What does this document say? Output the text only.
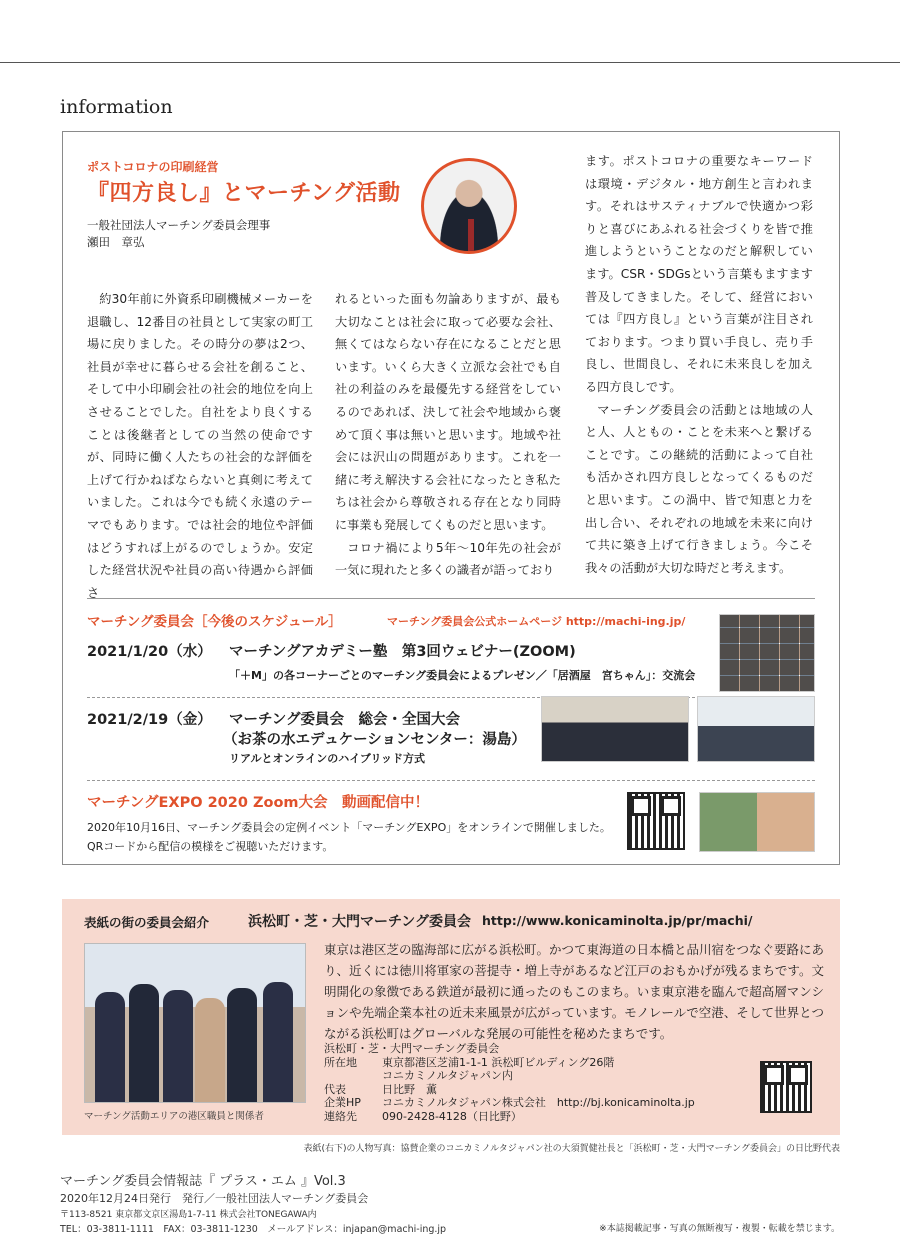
information
ポストコロナの印刷経営
『四方良し』とマーチング活動
一般社団法人マーチング委員会理事
瀬田　章弘

約30年前に外資系印刷機械メーカーを退職し、12番目の社員として実家の町工場に戻りました。その時分の夢は2つ、社員が幸せに暮らせる会社を創ること、そして中小印刷会社の社会的地位を向上させることでした。自社をより良くすることは後継者としての当然の使命ですが、同時に働く人たちの社会的な評価を上げて行かねばならないと真剣に考えていました。これは今でも続く永遠のテーマでもあります。では社会的地位や評価はどうすれば上がるのでしょうか。安定した経営状況や社員の高い待遇から評価さ

れるといった面も勿論ありますが、最も大切なことは社会に取って必要な会社、無くてはならない存在になることだと思います。いくら大きく立派な会社でも自社の利益のみを最優先する経営をしているのであれば、決して社会や地域から褒めて頂く事は無いと思います。地域や社会には沢山の問題があります。これを一緒に考え解決する会社になったとき私たちは社会から尊敬される存在となり同時に事業も発展してくものだと思います。

コロナ禍により5年～10年先の社会が一気に現れたと多くの識者が語っており

ます。ポストコロナの重要なキーワードは環境・デジタル・地方創生と言われます。それはサスティナブルで快適かつ彩りと喜びにあふれる社会づくりを皆で推進しようということなのだと解釈しています。CSR・SDGsという言葉もますます普及してきました。そして、経営においては『四方良し』という言葉が注目されております。つまり買い手良し、売り手良し、世間良し、それに未来良しを加える四方良しです。

マーチング委員会の活動とは地域の人と人、人ともの・ことを未来へと繋げることです。この継続的活動によって自社も活かされ四方良しとなってくるものだと思います。この渦中、皆で知恵と力を出し合い、それぞれの地域を未来に向けて共に築き上げて行きましょう。今こそ我々の活動が大切な時だと考えます。

マーチング委員会［今後のスケジュール］	マーチング委員会公式ホームページ http://machi-ing.jp/
2021/1/20（水） マーチングアカデミー塾　第3回ウェビナー(ZOOM)
「＋M」の各コーナーごとのマーチング委員会によるプレゼン／「居酒屋　宮ちゃん」：交流会
2021/2/19（金） マーチング委員会　総会・全国大会
（お茶の水エデュケーションセンター：湯島）
リアルとオンラインのハイブリッド方式
マーチングEXPO 2020 Zoom大会　動画配信中！
2020年10月16日、マーチング委員会の定例イベント「マーチングEXPO」をオンラインで開催しました。
QRコードから配信の模様をご視聴いただけます。
表紙の街の委員会紹介	浜松町・芝・大門マーチング委員会 http://www.konicaminolta.jp/pr/machi/
マーチング活動エリアの港区職員と関係者
東京は港区芝の臨海部に広がる浜松町。かつて東海道の日本橋と品川宿をつなぐ要路にあり、近くには徳川将軍家の菩提寺・増上寺があるなど江戸のおもかげが残るまちです。文明開化の象徴である鉄道が最初に通ったのもこのまち。いま東京港を臨んで超高層マンションや先端企業本社の近未来風景が広がっています。モノレールで空港、そして世界とつながる浜松町はグローバルな発展の可能性を秘めたまちです。
浜松町・芝・大門マーチング委員会
所在地	東京都港区芝浦1-1-1 浜松町ビルディング26階
コニカミノルタジャパン内
代表	日比野　薫
企業HP	コニカミノルタジャパン株式会社　http://bj.konicaminolta.jp
連絡先	090-2428-4128（日比野）
表紙(右下)の人物写真：協賛企業のコニカミノルタジャパン社の大須賀健社長と「浜松町・芝・大門マーチング委員会」の日比野代表
マーチング委員会情報誌『 プラス・エム 』Vol.3
2020年12月24日発行　発行／一般社団法人マーチング委員会
〒113-8521 東京都文京区湯島1-7-11 株式会社TONEGAWA内
TEL：03-3811-1111　FAX：03-3811-1230　メールアドレス：injapan@machi-ing.jp	※本誌掲載記事・写真の無断複写・複製・転載を禁じます。
